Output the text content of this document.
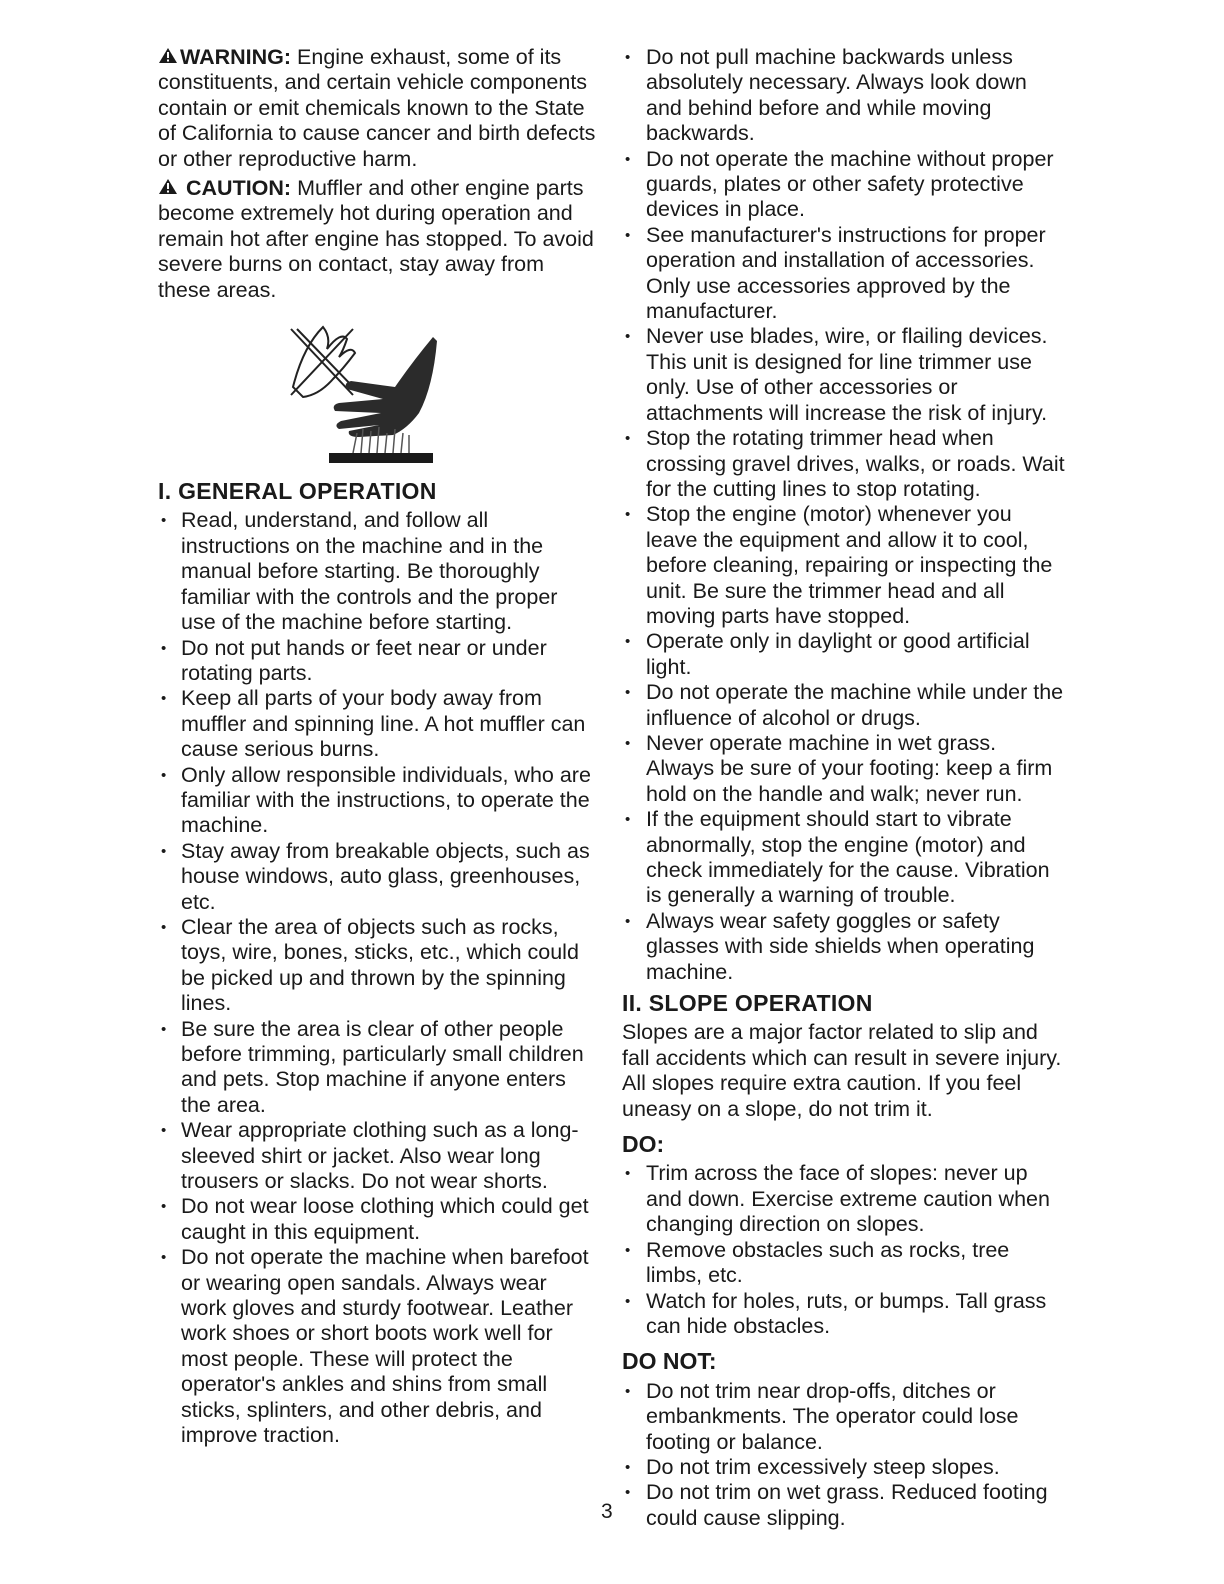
WARNING: Engine exhaust, some of its constituents, and certain vehicle components contain or emit chemicals known to the State of California to cause cancer and birth defects or other reproductive harm.

CAUTION: Muffler and other engine parts become extremely hot during operation and remain hot after engine has stopped. To avoid severe burns on contact, stay away from these areas.

I. GENERAL OPERATION
• Read, understand, and follow all instructions on the machine and in the manual before starting. Be thoroughly familiar with the controls and the proper use of the machine before starting.
• Do not put hands or feet near or under rotating parts.
• Keep all parts of your body away from muffler and spinning line. A hot muffler can cause serious burns.
• Only allow responsible individuals, who are familiar with the instructions, to operate the machine.
• Stay away from breakable objects, such as house windows, auto glass, greenhouses, etc.
• Clear the area of objects such as rocks, toys, wire, bones, sticks, etc., which could be picked up and thrown by the spinning lines.
• Be sure the area is clear of other people before trimming, particularly small children and pets. Stop machine if anyone enters the area.
• Wear appropriate clothing such as a long-sleeved shirt or jacket. Also wear long trousers or slacks. Do not wear shorts.
• Do not wear loose clothing which could get caught in this equipment.
• Do not operate the machine when barefoot or wearing open sandals. Always wear work gloves and sturdy footwear. Leather work shoes or short boots work well for most people. These will protect the operator's ankles and shins from small sticks, splinters, and other debris, and improve traction.
• Do not pull machine backwards unless absolutely necessary. Always look down and behind before and while moving backwards.
• Do not operate the machine without proper guards, plates or other safety protective devices in place.
• See manufacturer's instructions for proper operation and installation of accessories. Only use accessories approved by the manufacturer.
• Never use blades, wire, or flailing devices. This unit is designed for line trimmer use only. Use of other accessories or attachments will increase the risk of injury.
• Stop the rotating trimmer head when crossing gravel drives, walks, or roads. Wait for the cutting lines to stop rotating.
• Stop the engine (motor) whenever you leave the equipment and allow it to cool, before cleaning, repairing or inspecting the unit. Be sure the trimmer head and all moving parts have stopped.
• Operate only in daylight or good artificial light.
• Do not operate the machine while under the influence of alcohol or drugs.
• Never operate machine in wet grass. Always be sure of your footing: keep a firm hold on the handle and walk; never run.
• If the equipment should start to vibrate abnormally, stop the engine (motor) and check immediately for the cause. Vibration is generally a warning of trouble.
• Always wear safety goggles or safety glasses with side shields when operating machine.
II. SLOPE OPERATION

Slopes are a major factor related to slip and fall accidents which can result in severe injury. All slopes require extra caution. If you feel uneasy on a slope, do not trim it.

DO:
• Trim across the face of slopes: never up and down. Exercise extreme caution when changing direction on slopes.
• Remove obstacles such as rocks, tree limbs, etc.
• Watch for holes, ruts, or bumps. Tall grass can hide obstacles.
DO NOT:
• Do not trim near drop-offs, ditches or embankments. The operator could lose footing or balance.
• Do not trim excessively steep slopes.
• Do not trim on wet grass. Reduced footing could cause slipping.
3
